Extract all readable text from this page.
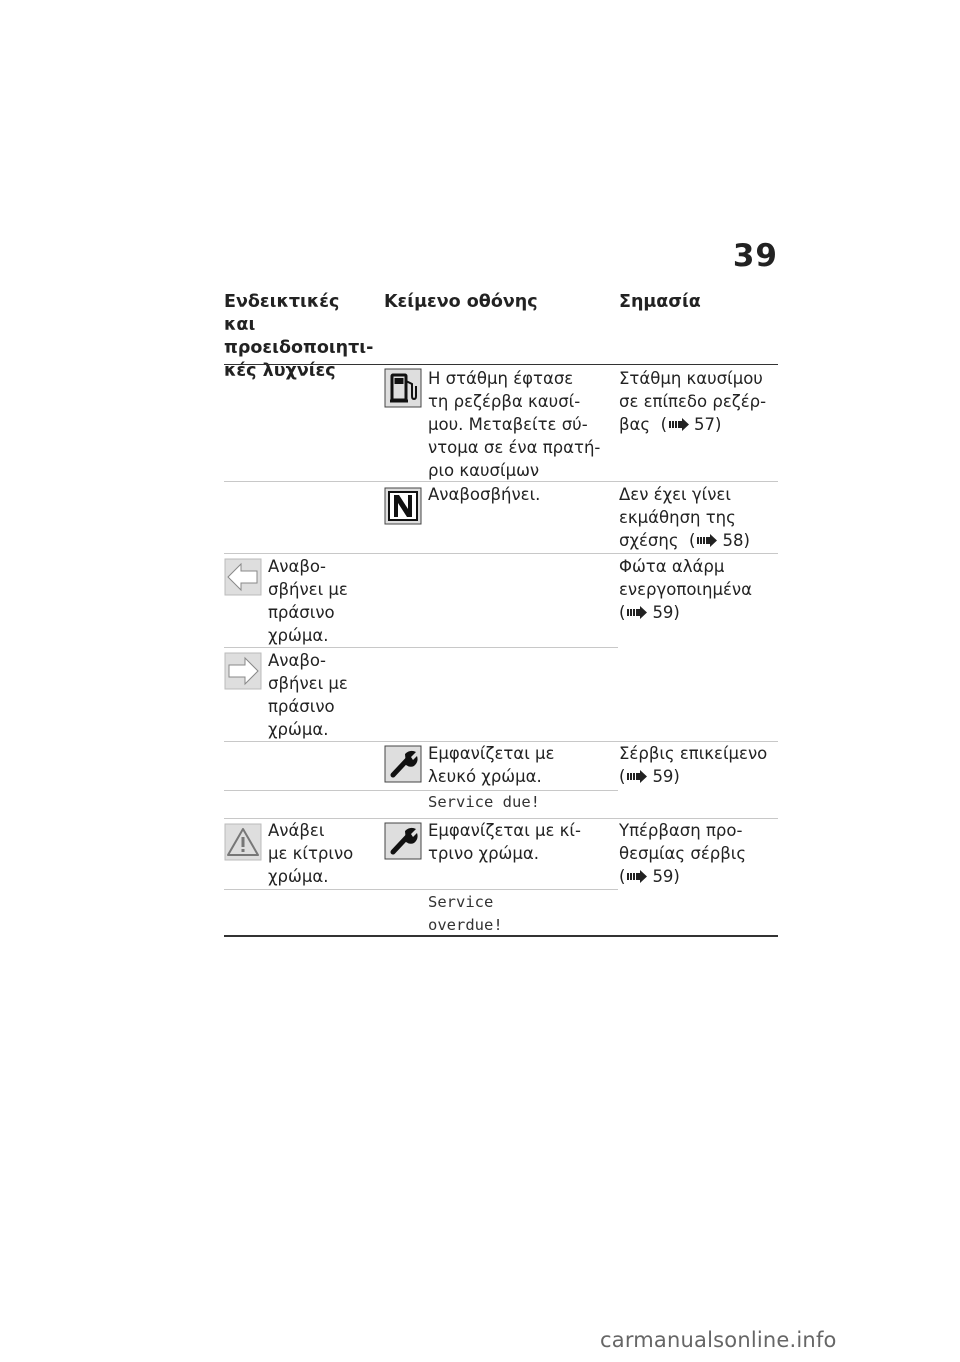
39
Ενδεικτικές και
προειδοποιητι-
κές λυχνίες
Κείμενο οθόνης	Σημασία
Η στάθμη έφτασε
τη ρεζέρβα καυσί-
μου. Μεταβείτε σύ-
ντομα σε ένα πρατή-
ριο καυσίμων
Στάθμη καυσίμου
σε επίπεδο ρεζέρ-
βας ( 57)
Αναβοσβήνει.	Δεν έχει γίνει
εκμάθηση της
σχέσης ( 58)
Αναβο-
σβήνει με
πράσινο
χρώμα.
Φώτα αλάρμ
ενεργοποιημένα
( 59)
Αναβο-
σβήνει με
πράσινο
χρώμα.
Εμφανίζεται με
λευκό χρώμα.
Σέρβις επικείμενο
( 59)
Service due!
Ανάβει
με κίτρινο
χρώμα.
Εμφανίζεται με κί-
τρινο χρώμα.
Υπέρβαση προ-
θεσμίας σέρβις
( 59)
Service
overdue!
carmanualsonline.info
